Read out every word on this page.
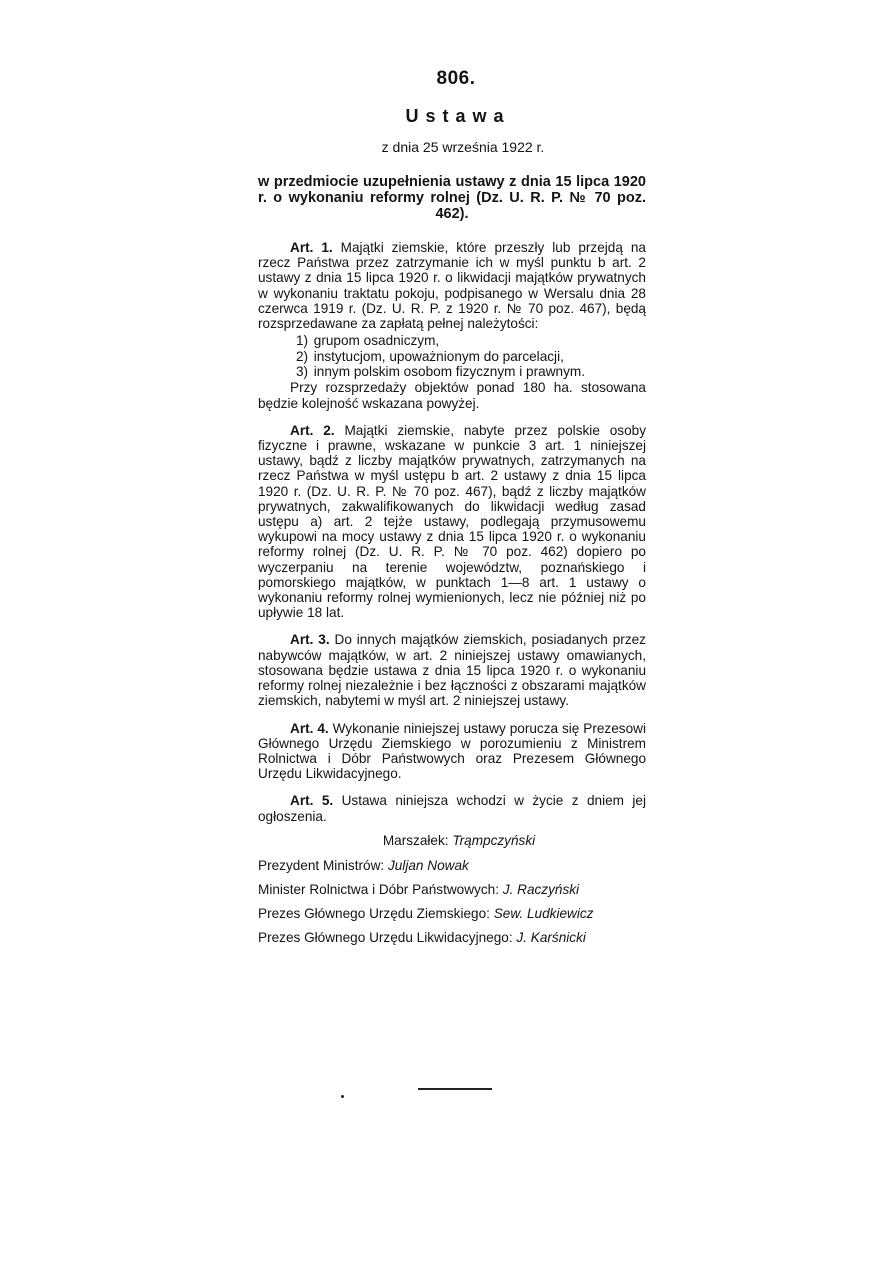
806.
Ustawa
z dnia 25 września 1922 r.
w przedmiocie uzupełnienia ustawy z dnia 15 lipca 1920 r. o wykonaniu reformy rolnej (Dz. U. R. P. № 70 poz. 462).

Art. 1. Majątki ziemskie, które przeszły lub przejdą na rzecz Państwa przez zatrzymanie ich w myśl punktu b art. 2 ustawy z dnia 15 lipca 1920 r. o likwidacji majątków prywatnych w wykonaniu traktatu pokoju, podpisanego w Wersalu dnia 28 czerwca 1919 r. (Dz. U. R. P. z 1920 r. № 70 poz. 467), będą rozsprzedawane za zapłatą pełnej należytości:

1) grupom osadniczym,
2) instytucjom, upoważnionym do parcelacji,
3) innym polskim osobom fizycznym i prawnym.

Przy rozsprzedaży objektów ponad 180 ha. stosowana będzie kolejność wskazana powyżej.

Art. 2. Majątki ziemskie, nabyte przez polskie osoby fizyczne i prawne, wskazane w punkcie 3 art. 1 niniejszej ustawy, bądź z liczby majątków prywatnych, zatrzymanych na rzecz Państwa w myśl ustępu b art. 2 ustawy z dnia 15 lipca 1920 r. (Dz. U. R. P. № 70 poz. 467), bądź z liczby majątków prywatnych, zakwalifikowanych do likwidacji według zasad ustępu a) art. 2 tejże ustawy, podlegają przymusowemu wykupowi na mocy ustawy z dnia 15 lipca 1920 r. o wykonaniu reformy rolnej (Dz. U. R. P. № 70 poz. 462) dopiero po wyczerpaniu na terenie województw, poznańskiego i pomorskiego majątków, w punktach 1—8 art. 1 ustawy o wykonaniu reformy rolnej wymienionych, lecz nie później niż po upływie 18 lat.

Art. 3. Do innych majątków ziemskich, posiadanych przez nabywców majątków, w art. 2 niniejszej ustawy omawianych, stosowana będzie ustawa z dnia 15 lipca 1920 r. o wykonaniu reformy rolnej niezależnie i bez łączności z obszarami majątków ziemskich, nabytemi w myśl art. 2 niniejszej ustawy.

Art. 4. Wykonanie niniejszej ustawy porucza się Prezesowi Głównego Urzędu Ziemskiego w porozumieniu z Ministrem Rolnictwa i Dóbr Państwowych oraz Prezesem Głównego Urzędu Likwidacyjnego.

Art. 5. Ustawa niniejsza wchodzi w życie z dniem jej ogłoszenia.

Marszałek: Trąmpczyński
Prezydent Ministrów: Juljan Nowak
Minister Rolnictwa i Dóbr Państwowych: J. Raczyński
Prezes Głównego Urzędu Ziemskiego: Sew. Ludkiewicz
Prezes Głównego Urzędu Likwidacyjnego: J. Karśnicki
